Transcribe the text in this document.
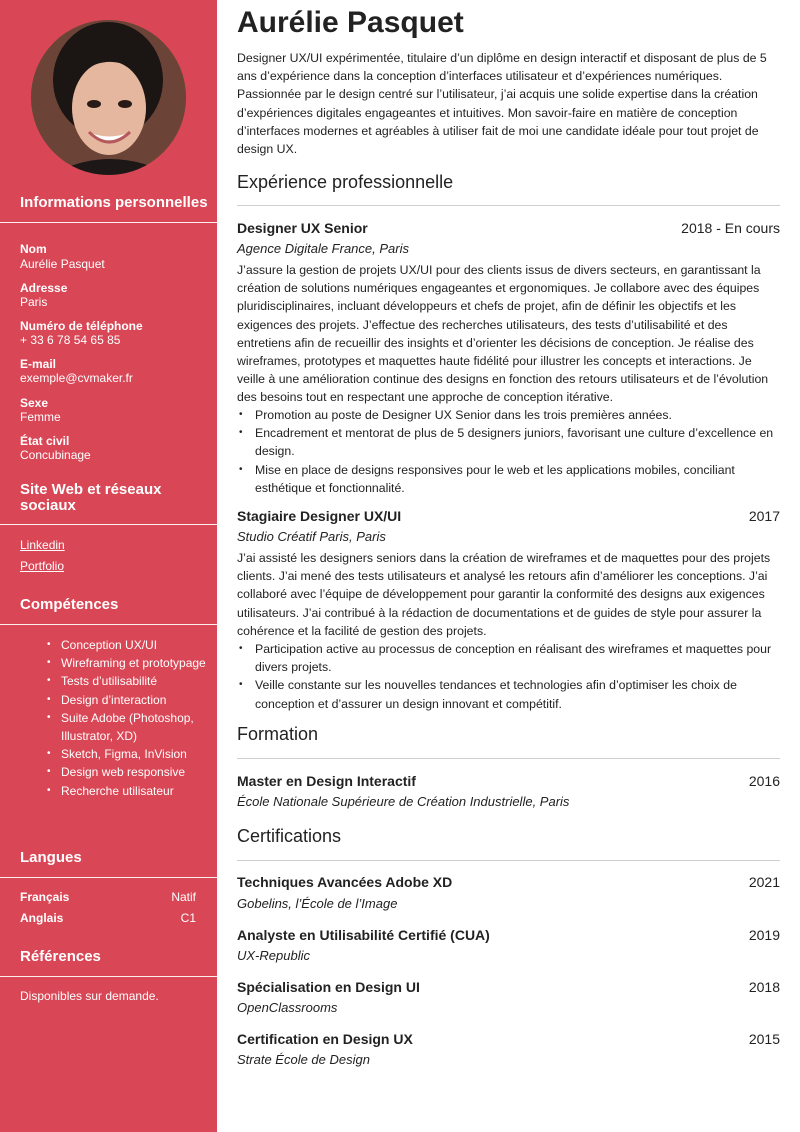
Informations personnelles
Nom
Aurélie Pasquet
Adresse
Paris
Numéro de téléphone
+ 33 6 78 54 65 85
E-mail
exemple@cvmaker.fr
Sexe
Femme
État civil
Concubinage
Site Web et réseaux sociaux
Linkedin
Portfolio
Compétences
• Conception UX/UI
• Wireframing et prototypage
• Tests d’utilisabilité
• Design d’interaction
• Suite Adobe (Photoshop, Illustrator, XD)
• Sketch, Figma, InVision
• Design web responsive
• Recherche utilisateur
Langues
Français	Natif
Anglais	C1
Références
Disponibles sur demande.
Aurélie Pasquet
Designer UX/UI expérimentée, titulaire d’un diplôme en design interactif et disposant de plus de 5 ans d’expérience dans la conception d’interfaces utilisateur et d’expériences numériques. Passionnée par le design centré sur l’utilisateur, j’ai acquis une solide expertise dans la création d’expériences digitales engageantes et intuitives. Mon savoir-faire en matière de conception d’interfaces modernes et agréables à utiliser fait de moi une candidate idéale pour tout projet de design UX.
Expérience professionnelle
Designer UX Senior	2018 - En cours
Agence Digitale France, Paris
J’assure la gestion de projets UX/UI pour des clients issus de divers secteurs, en garantissant la création de solutions numériques engageantes et ergonomiques. Je collabore avec des équipes pluridisciplinaires, incluant développeurs et chefs de projet, afin de définir les objectifs et les exigences des projets. J’effectue des recherches utilisateurs, des tests d’utilisabilité et des entretiens afin de recueillir des insights et d’orienter les décisions de conception. Je réalise des wireframes, prototypes et maquettes haute fidélité pour illustrer les concepts et interactions. Je veille à une amélioration continue des designs en fonction des retours utilisateurs et de l’évolution des besoins tout en respectant une approche de conception itérative.
• Promotion au poste de Designer UX Senior dans les trois premières années.
• Encadrement et mentorat de plus de 5 designers juniors, favorisant une culture d’excellence en design.
• Mise en place de designs responsives pour le web et les applications mobiles, conciliant esthétique et fonctionnalité.
Stagiaire Designer UX/UI	2017
Studio Créatif Paris, Paris
J’ai assisté les designers seniors dans la création de wireframes et de maquettes pour des projets clients. J’ai mené des tests utilisateurs et analysé les retours afin d’améliorer les conceptions. J’ai collaboré avec l’équipe de développement pour garantir la conformité des designs aux exigences utilisateurs. J’ai contribué à la rédaction de documentations et de guides de style pour assurer la cohérence et la facilité de gestion des projets.
• Participation active au processus de conception en réalisant des wireframes et maquettes pour divers projets.
• Veille constante sur les nouvelles tendances et technologies afin d’optimiser les choix de conception et d’assurer un design innovant et compétitif.
Formation
Master en Design Interactif	2016
École Nationale Supérieure de Création Industrielle, Paris
Certifications
Techniques Avancées Adobe XD	2021
Gobelins, l’École de l’Image
Analyste en Utilisabilité Certifié (CUA)	2019
UX-Republic
Spécialisation en Design UI	2018
OpenClassrooms
Certification en Design UX	2015
Strate École de Design
